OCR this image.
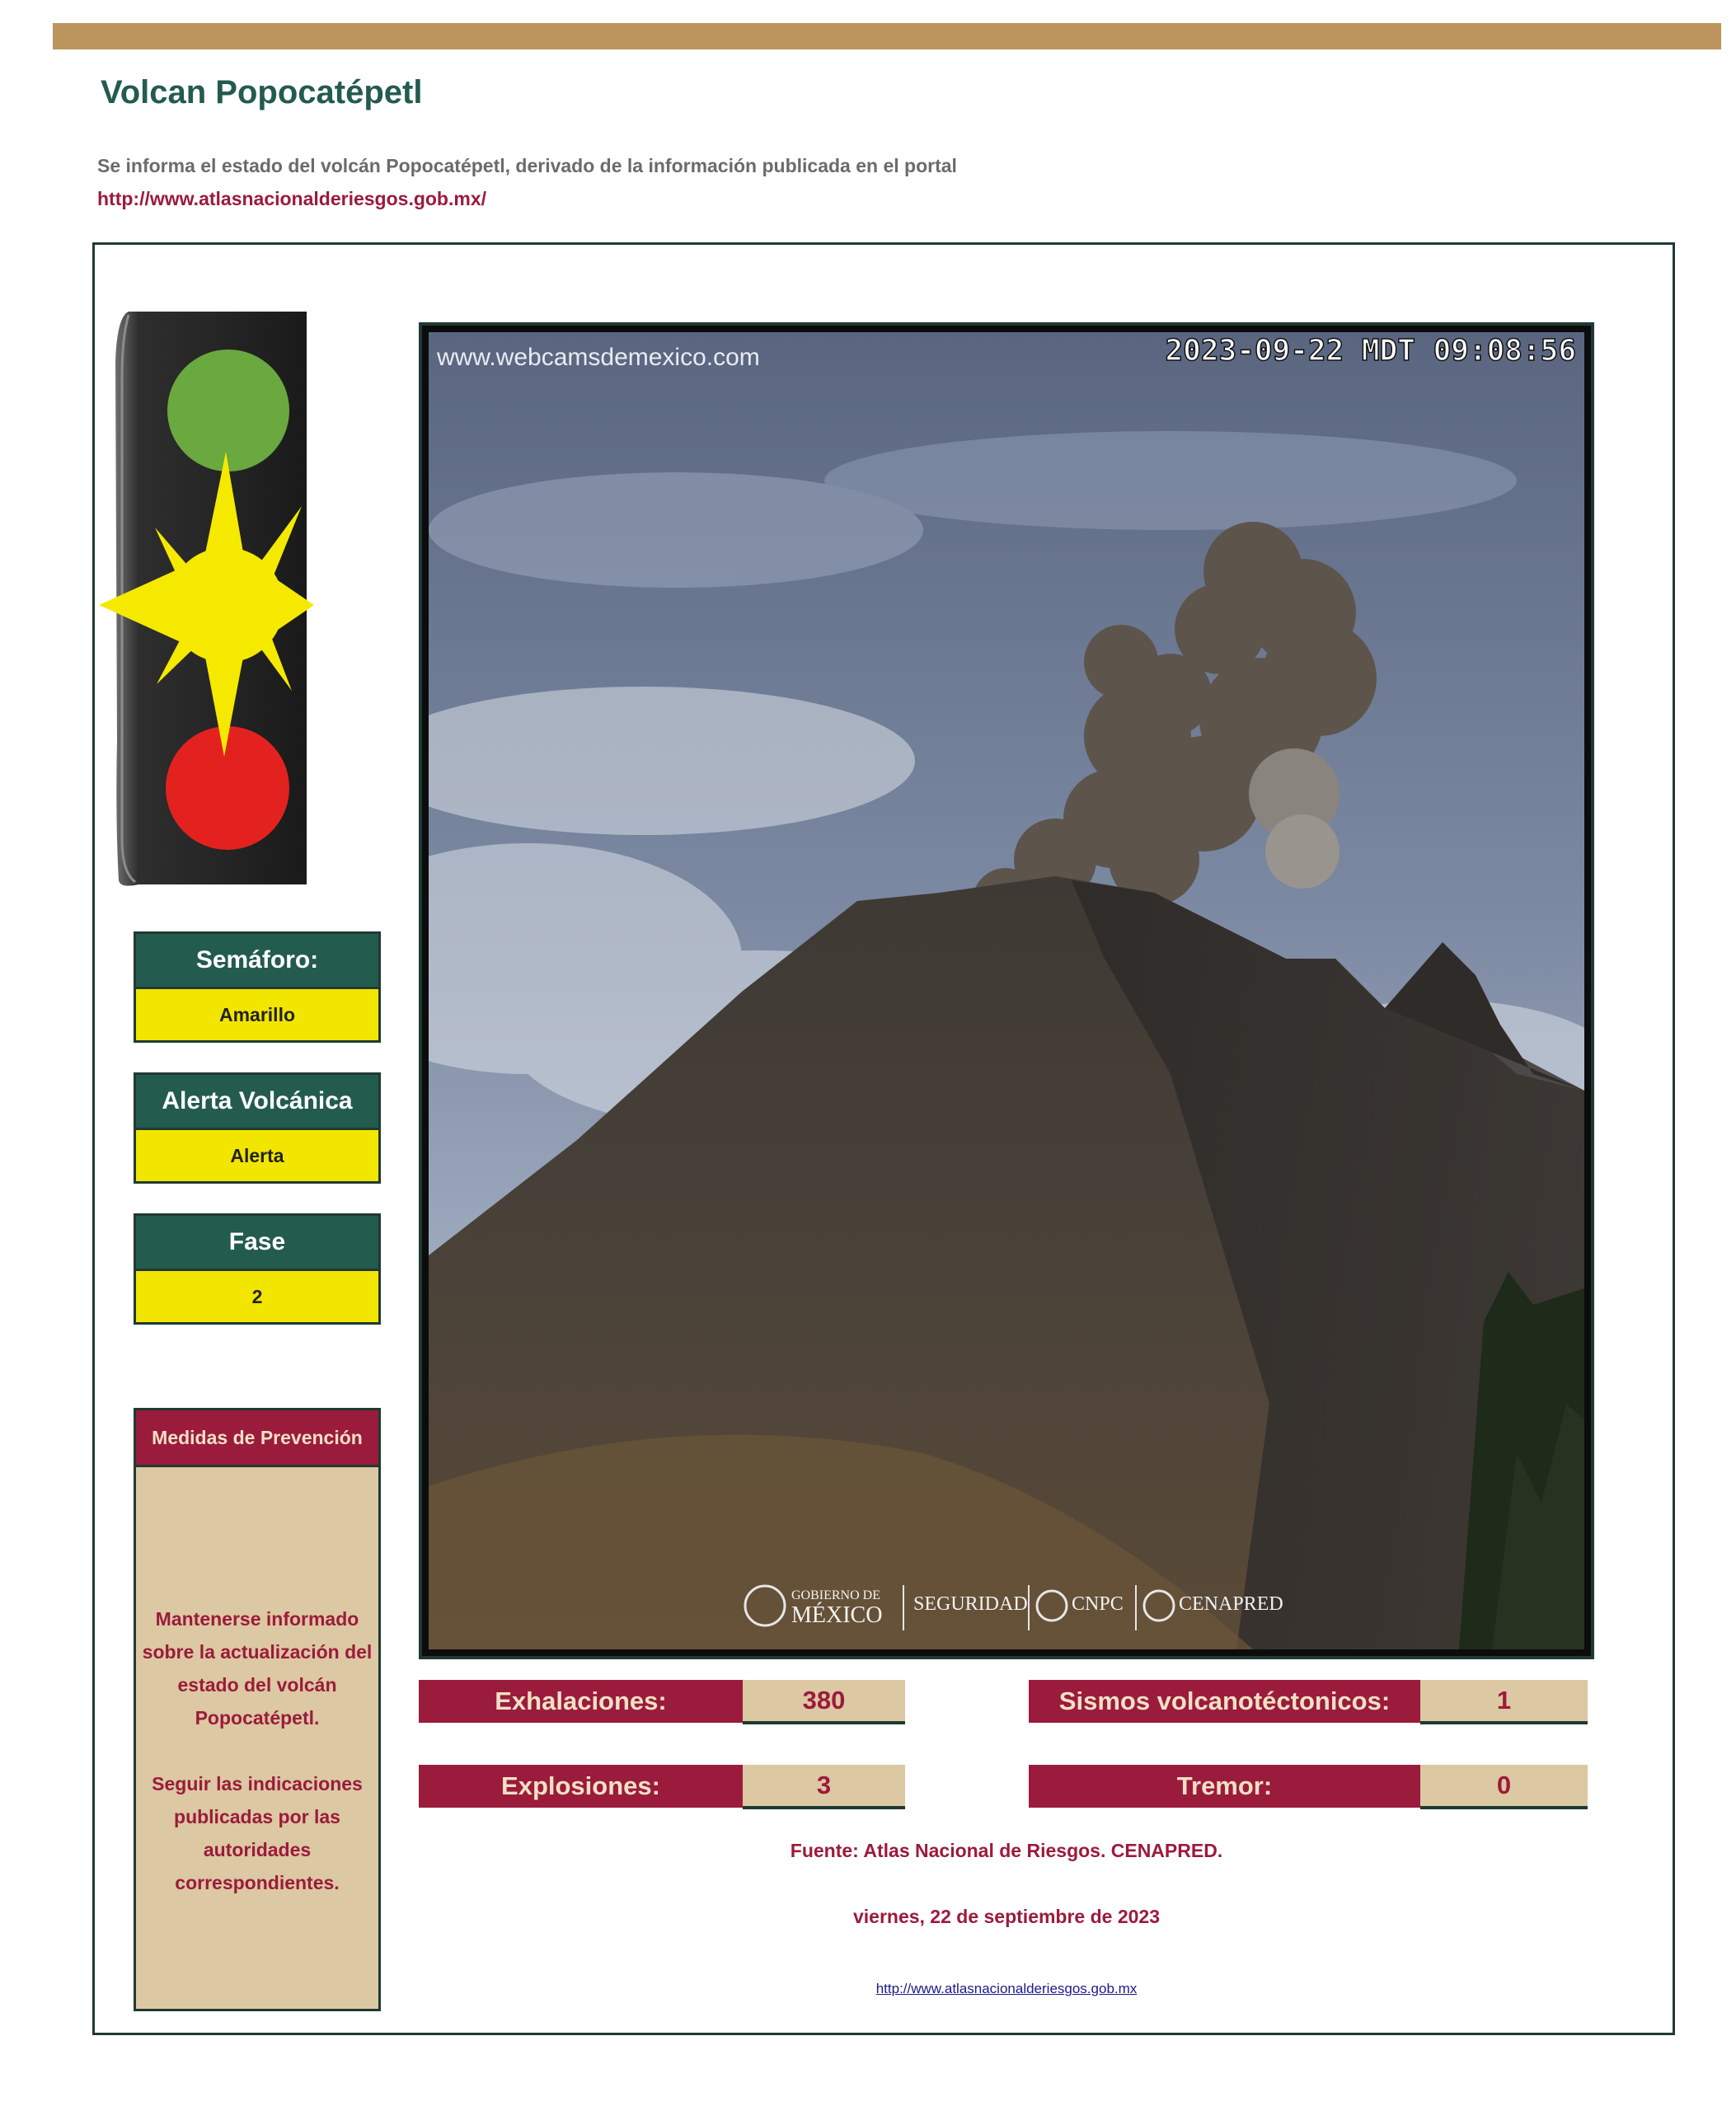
Volcan Popocatépetl
Se informa el estado del volcán Popocatépetl, derivado de la información publicada en el portal
http://www.atlasnacionalderiesgos.gob.mx/
Semáforo:
Amarillo
Alerta Volcánica
Alerta
Fase
2
Medidas de Prevención
Mantenerse informado sobre la actualización del estado del volcán Popocatépetl.
Seguir las indicaciones publicadas por las autoridades correspondientes.
www.webcamsdemexico.com	2023-09-22 MDT 09:08:56
GOBIERNO DE
MÉXICO SEGURIDAD CNPC	CENAPRED
Exhalaciones:	380	Sismos volcanotéctonicos:	1
Explosiones:	3	Tremor:	0
Fuente: Atlas Nacional de Riesgos. CENAPRED.
viernes, 22 de septiembre de 2023
http://www.atlasnacionalderiesgos.gob.mx
